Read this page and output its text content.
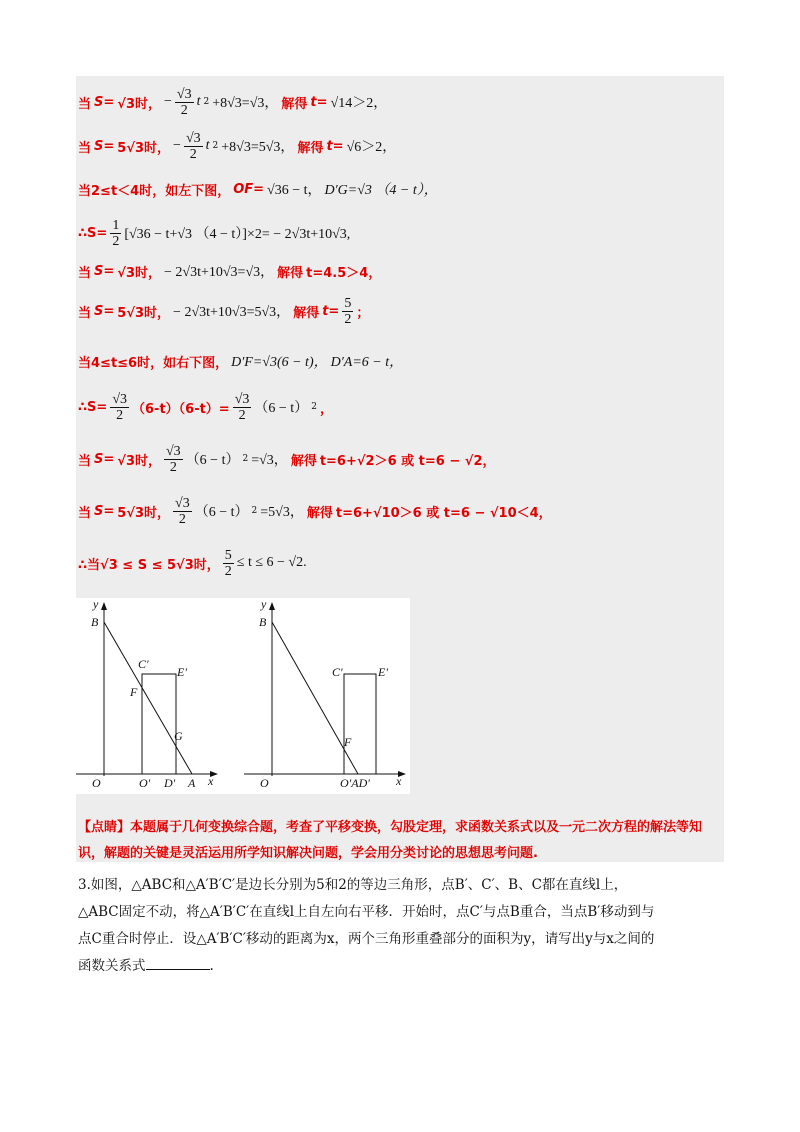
当 S= √3时， − $\frac{√3}{2}$ t 2 +8√3=√3， 解得 t= √14＞2，
当 S= 5√3时， − $\frac{√3}{2}$ t 2 +8√3=5√3， 解得 t= √6＞2，
当2≤t＜4时，如左下图， OF= √36 − t， D′G=√3 （4 − t），
∴S= $\frac{1}{2} [√36 - t+√3$ （4 − t）]×2= − 2√3t+10√3,
当 S= √3时， − 2√3t+10√3=√3， 解得 t=4.5＞4，
当 S= 5√3时， − 2√3t+10√3=5√3， 解得 $t= \frac{5}{2}$ ；
当4≤t≤6时，如右下图， D′F=√3(6 − t)， D′A=6 − t，
∴S= $\frac{√3}{2} (6-t)(6-t)= \frac{√3}{2} (6 - t)$ 2 ，
当 S= √3时， $\frac{√3}{2} (6 - t)$ 2 =√3， 解得 t=6+√2＞6 或 t=6 − √2，
当 S= 5√3时， $\frac{√3}{2} (6 - t)$ 2 =5√3， 解得 t=6+√10＞6 或 t=6 − √10＜4，
∴当√3 ≤ S ≤ 5√3时， $\frac{5}{2} \le t \le 6 - √2$.
y
B
C'
E'
F
G
O	O' D' A x
y
B
C'	E'
F
O	O'AD' x
【点睛】本题属于几何变换综合题，考查了平移变换，勾股定理，求函数关系式以及一元二次方程的解法等知识，解题的关键是灵活运用所学知识解决问题，学会用分类讨论的思想思考问题.
3.如图，△ABC和△A′B′C′是边长分别为5和2的等边三角形，点B′、C′、B、C都在直线l上，
△ABC固定不动，将△A′B′C′在直线l上自左向右平移．开始时，点C′与点B重合，当点B′移动到与
点C重合时停止．设△A′B′C′移动的距离为x，两个三角形重叠部分的面积为y，请写出y与x之间的
函数关系式	.
